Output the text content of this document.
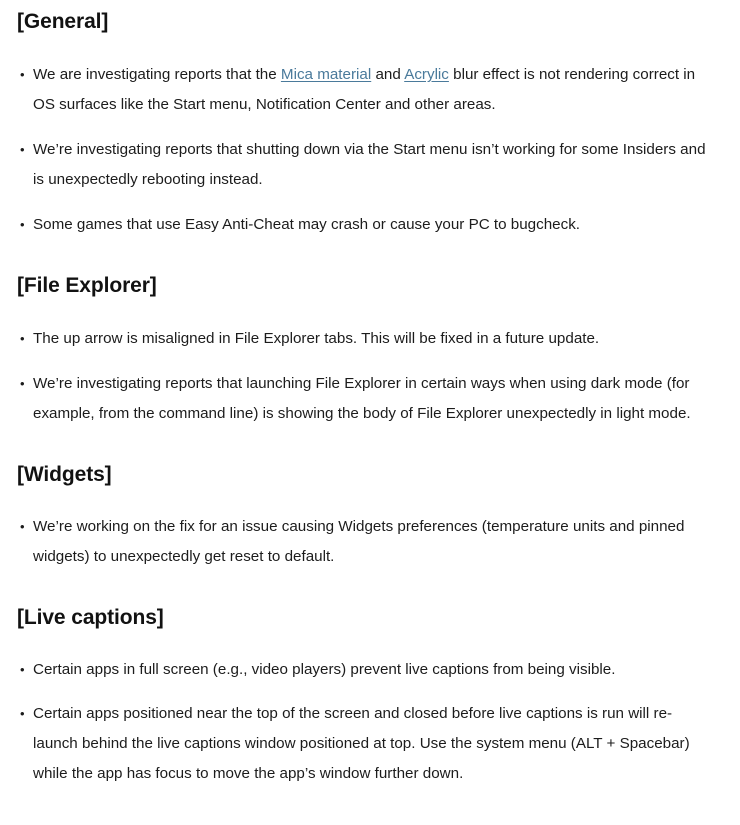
[General]
• We are investigating reports that the Mica material and Acrylic blur effect is not rendering correct in OS surfaces like the Start menu, Notification Center and other areas.
• We’re investigating reports that shutting down via the Start menu isn’t working for some Insiders and is unexpectedly rebooting instead.
• Some games that use Easy Anti-Cheat may crash or cause your PC to bugcheck.
[File Explorer]
• The up arrow is misaligned in File Explorer tabs. This will be fixed in a future update.
• We’re investigating reports that launching File Explorer in certain ways when using dark mode (for example, from the command line) is showing the body of File Explorer unexpectedly in light mode.
[Widgets]
• We’re working on the fix for an issue causing Widgets preferences (temperature units and pinned widgets) to unexpectedly get reset to default.
[Live captions]
• Certain apps in full screen (e.g., video players) prevent live captions from being visible.
• Certain apps positioned near the top of the screen and closed before live captions is run will re-launch behind the live captions window positioned at top. Use the system menu (ALT + Spacebar) while the app has focus to move the app’s window further down.
